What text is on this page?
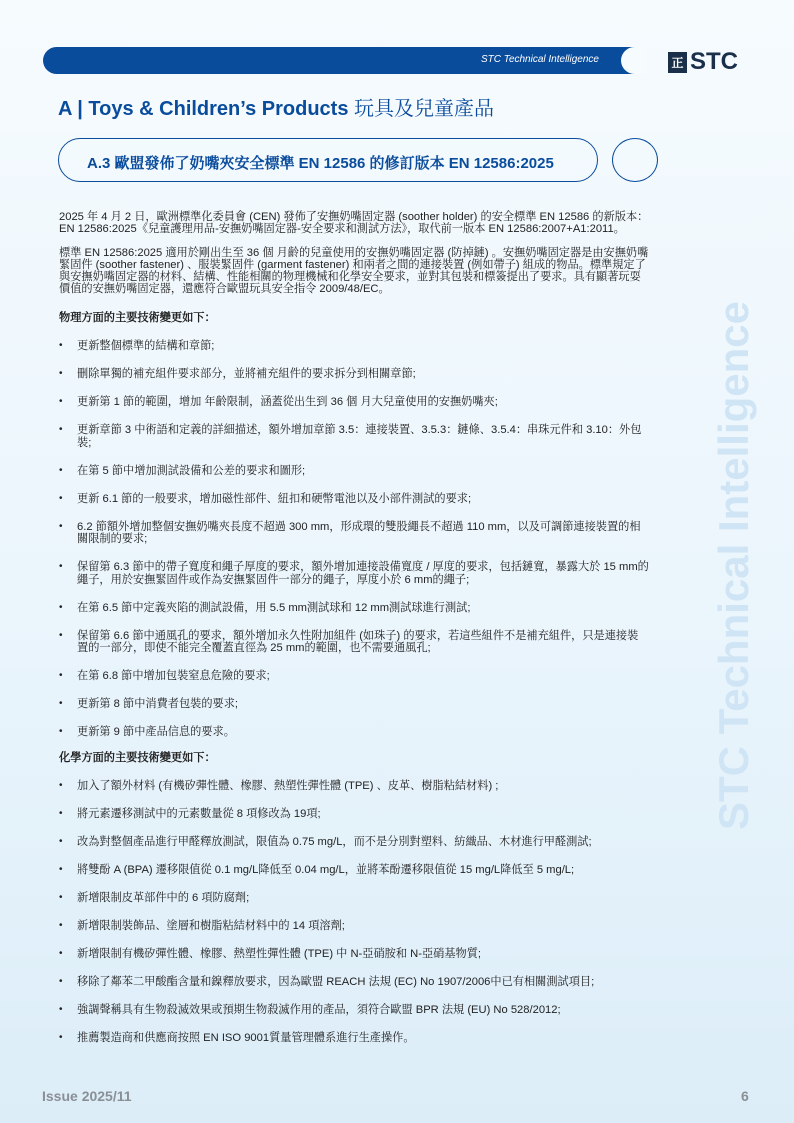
STC Technical Intelligence	正 STC
A | Toys & Children’s Products 玩具及兒童產品
A.3 歐盟發佈了奶嘴夾安全標準 EN 12586 的修訂版本 EN 12586:2025
STC Technical Intelligence

2025 年 4 月 2 日，歐洲標準化委員會 (CEN) 發佈了安撫奶嘴固定器 (soother holder) 的安全標準 EN 12586 的新版本：EN 12586:2025《兒童護理用品-安撫奶嘴固定器-安全要求和測試方法》，取代前一版本 EN 12586:2007+A1:2011。

標準 EN 12586:2025 適用於剛出生至 36 個 月齡的兒童使用的安撫奶嘴固定器 (防掉鏈) 。安撫奶嘴固定器是由安撫奶嘴緊固件 (soother fastener) 、服裝緊固件 (garment fastener) 和兩者之間的連接裝置 (例如帶子) 組成的物品。標準規定了與安撫奶嘴固定器的材料、結構、性能相關的物理機械和化學安全要求，並對其包裝和標簽提出了要求。具有顯著玩耍價值的安撫奶嘴固定器，還應符合歐盟玩具安全指令 2009/48/EC。

物理方面的主要技術變更如下：
• 更新整個標準的結構和章節;
• 刪除單獨的補充組件要求部分，並將補充組件的要求拆分到相關章節;
• 更新第 1 節的範圍，增加 年齡限制，涵蓋從出生到 36 個 月大兒童使用的安撫奶嘴夾;
• 更新章節 3 中術語和定義的詳細描述，額外增加章節 3.5：連接裝置、3.5.3：鏈條、3.5.4：串珠元件和 3.10：外包裝;
• 在第 5 節中增加測試設備和公差的要求和圖形;
• 更新 6.1 節的一般要求，增加磁性部件、紐扣和硬幣電池以及小部件測試的要求;
• 6.2 節額外增加整個安撫奶嘴夾長度不超過 300 mm，形成環的雙股繩長不超過 110 mm，以及可調節連接裝置的相關限制的要求;
• 保留第 6.3 節中的帶子寬度和繩子厚度的要求，額外增加連接設備寬度 / 厚度的要求，包括鏈寬，暴露大於 15 mm的繩子，用於安撫緊固件或作為安撫緊固件一部分的繩子，厚度小於 6 mm的繩子;
• 在第 6.5 節中定義夾陷的測試設備，用 5.5 mm測試球和 12 mm測試球進行測試;
• 保留第 6.6 節中通風孔的要求，額外增加永久性附加組件 (如珠子) 的要求，若這些組件不是補充組件，只是連接裝置的一部分，即使不能完全覆蓋直徑為 25 mm的範圍，也不需要通風孔;
• 在第 6.8 節中增加包裝窒息危險的要求;
• 更新第 8 節中消費者包裝的要求;
• 更新第 9 節中產品信息的要求。
化學方面的主要技術變更如下：
• 加入了額外材料 (有機矽彈性體、橡膠、熱塑性彈性體 (TPE) 、皮革、樹脂粘結材料) ;
• 將元素遷移測試中的元素數量從 8 項修改為 19項;
• 改為對整個產品進行甲醛釋放測試，限值為 0.75 mg/L，而不是分別對塑料、紡織品、木材進行甲醛測試;
• 將雙酚 A (BPA) 遷移限值從 0.1 mg/L降低至 0.04 mg/L，並將苯酚遷移限值從 15 mg/L降低至 5 mg/L;
• 新增限制皮革部件中的 6 項防腐劑;
• 新增限制裝飾品、塗層和樹脂粘結材料中的 14 項溶劑;
• 新增限制有機矽彈性體、橡膠、熱塑性彈性體 (TPE) 中 N-亞硝胺和 N-亞硝基物質;
• 移除了鄰苯二甲酸酯含量和鎳釋放要求，因為歐盟 REACH 法規 (EC) No 1907/2006中已有相關測試項目;
• 強調聲稱具有生物殺滅效果或預期生物殺滅作用的產品，須符合歐盟 BPR 法規 (EU) No 528/2012;
• 推薦製造商和供應商按照 EN ISO 9001質量管理體系進行生產操作。
Issue 2025/11	6
